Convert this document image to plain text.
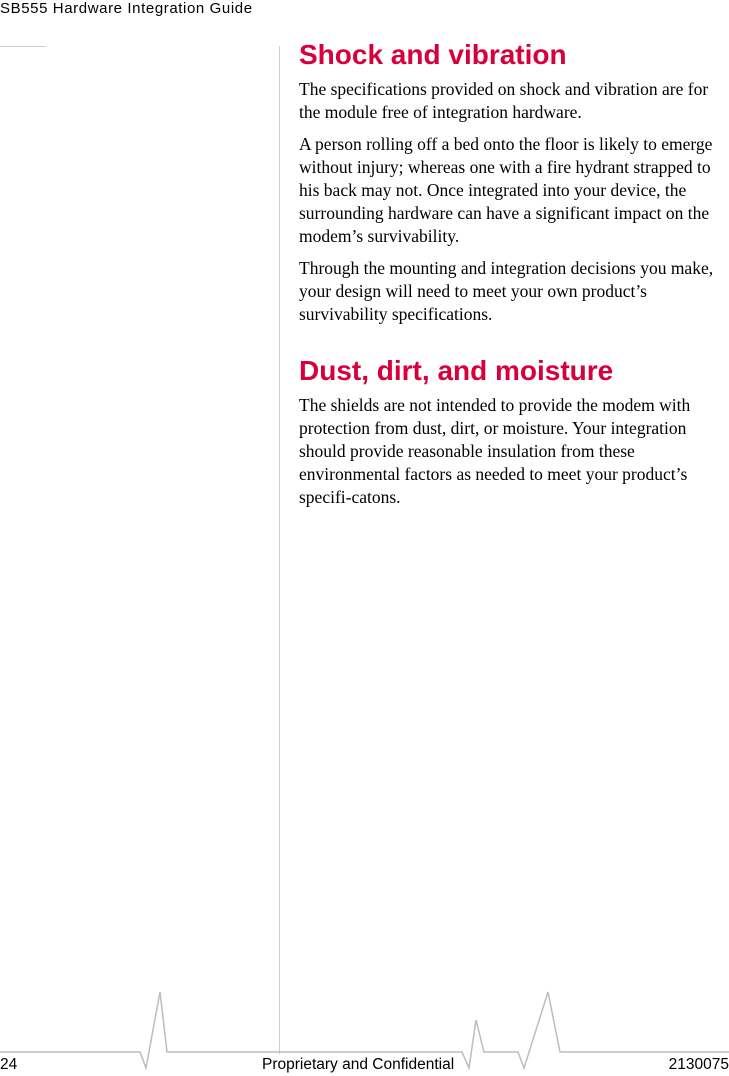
SB555 Hardware Integration Guide
Shock and vibration

The specifications provided on shock and vibration are for the module free of integration hardware.

A person rolling off a bed onto the floor is likely to emerge without injury; whereas one with a fire hydrant strapped to his back may not. Once integrated into your device, the surrounding hardware can have a significant impact on the modem’s survivability.

Through the mounting and integration decisions you make, your design will need to meet your own product’s survivability specifications.

Dust, dirt, and moisture

The shields are not intended to provide the modem with protection from dust, dirt, or moisture. Your integration should provide reasonable insulation from these environmental factors as needed to meet your product’s specifi-catons.

24	Proprietary and Confidential	2130075
